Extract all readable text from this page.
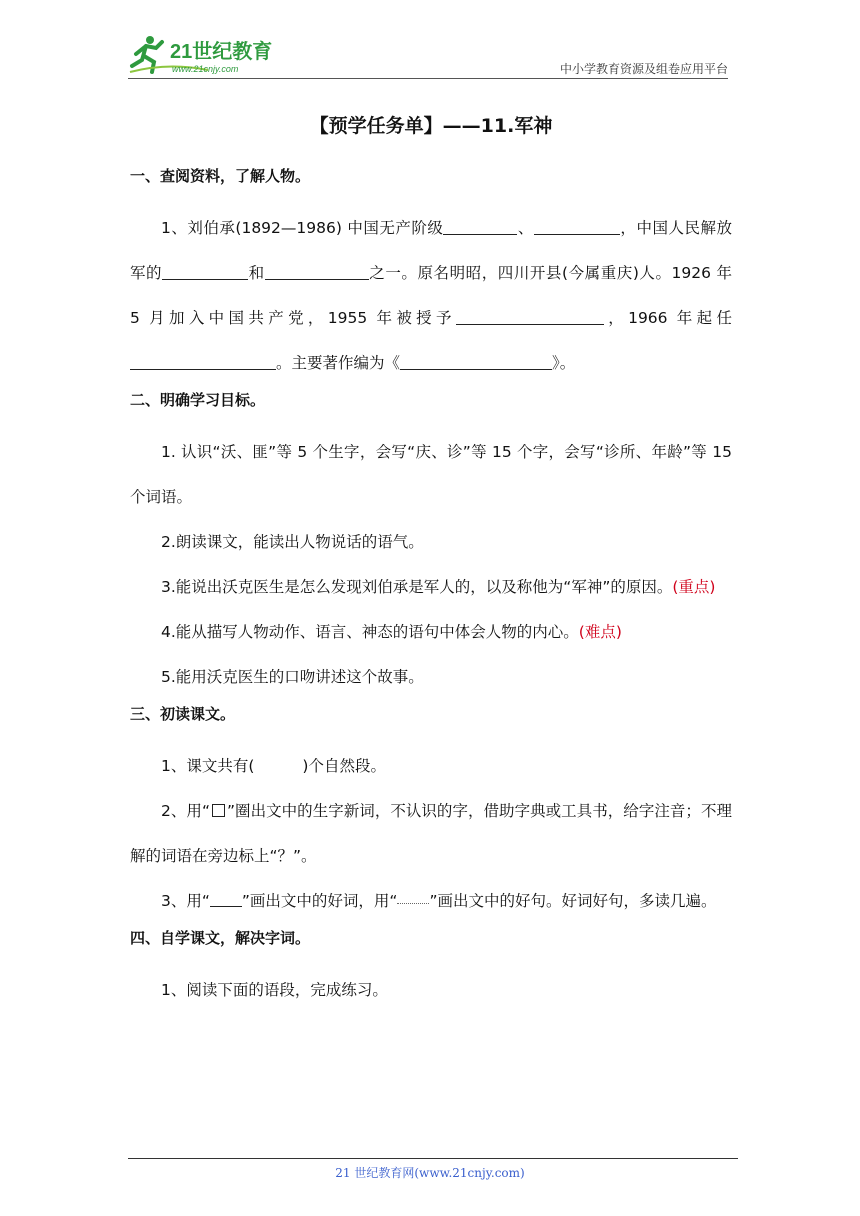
21世纪教育
www.21cnjy.com	中小学教育资源及组卷应用平台
【预学任务单】——11.军神
一、查阅资料，了解人物。

1、刘伯承(1892—1986) 中国无产阶级	、	，中国人民解放军的	和	之一。原名明昭，四川开县(今属重庆)人。1926 年 5 月加入中国共产党，1955 年被授予	，1966 年起任。主要著作编为《	》。

二、明确学习目标。

1. 认识“沃、匪”等 5 个生字，会写“庆、诊”等 15 个字，会写“诊所、年龄”等 15 个词语。

2.朗读课文，能读出人物说话的语气。

3.能说出沃克医生是怎么发现刘伯承是军人的，以及称他为“军神”的原因。(重点)

4.能从描写人物动作、语言、神态的语句中体会人物的内心。(难点)

5.能用沃克医生的口吻讲述这个故事。

三、初读课文。

1、课文共有(	)个自然段。

2、用“ ”圈出文中的生字新词，不认识的字，借助字典或工具书，给字注音；不理解的词语在旁边标上“？”。

3、用“ ”画出文中的好词，用“ ”画出文中的好句。好词好句，多读几遍。

四、自学课文，解决字词。

1、阅读下面的语段，完成练习。

21 世纪教育网(www.21cnjy.com)
